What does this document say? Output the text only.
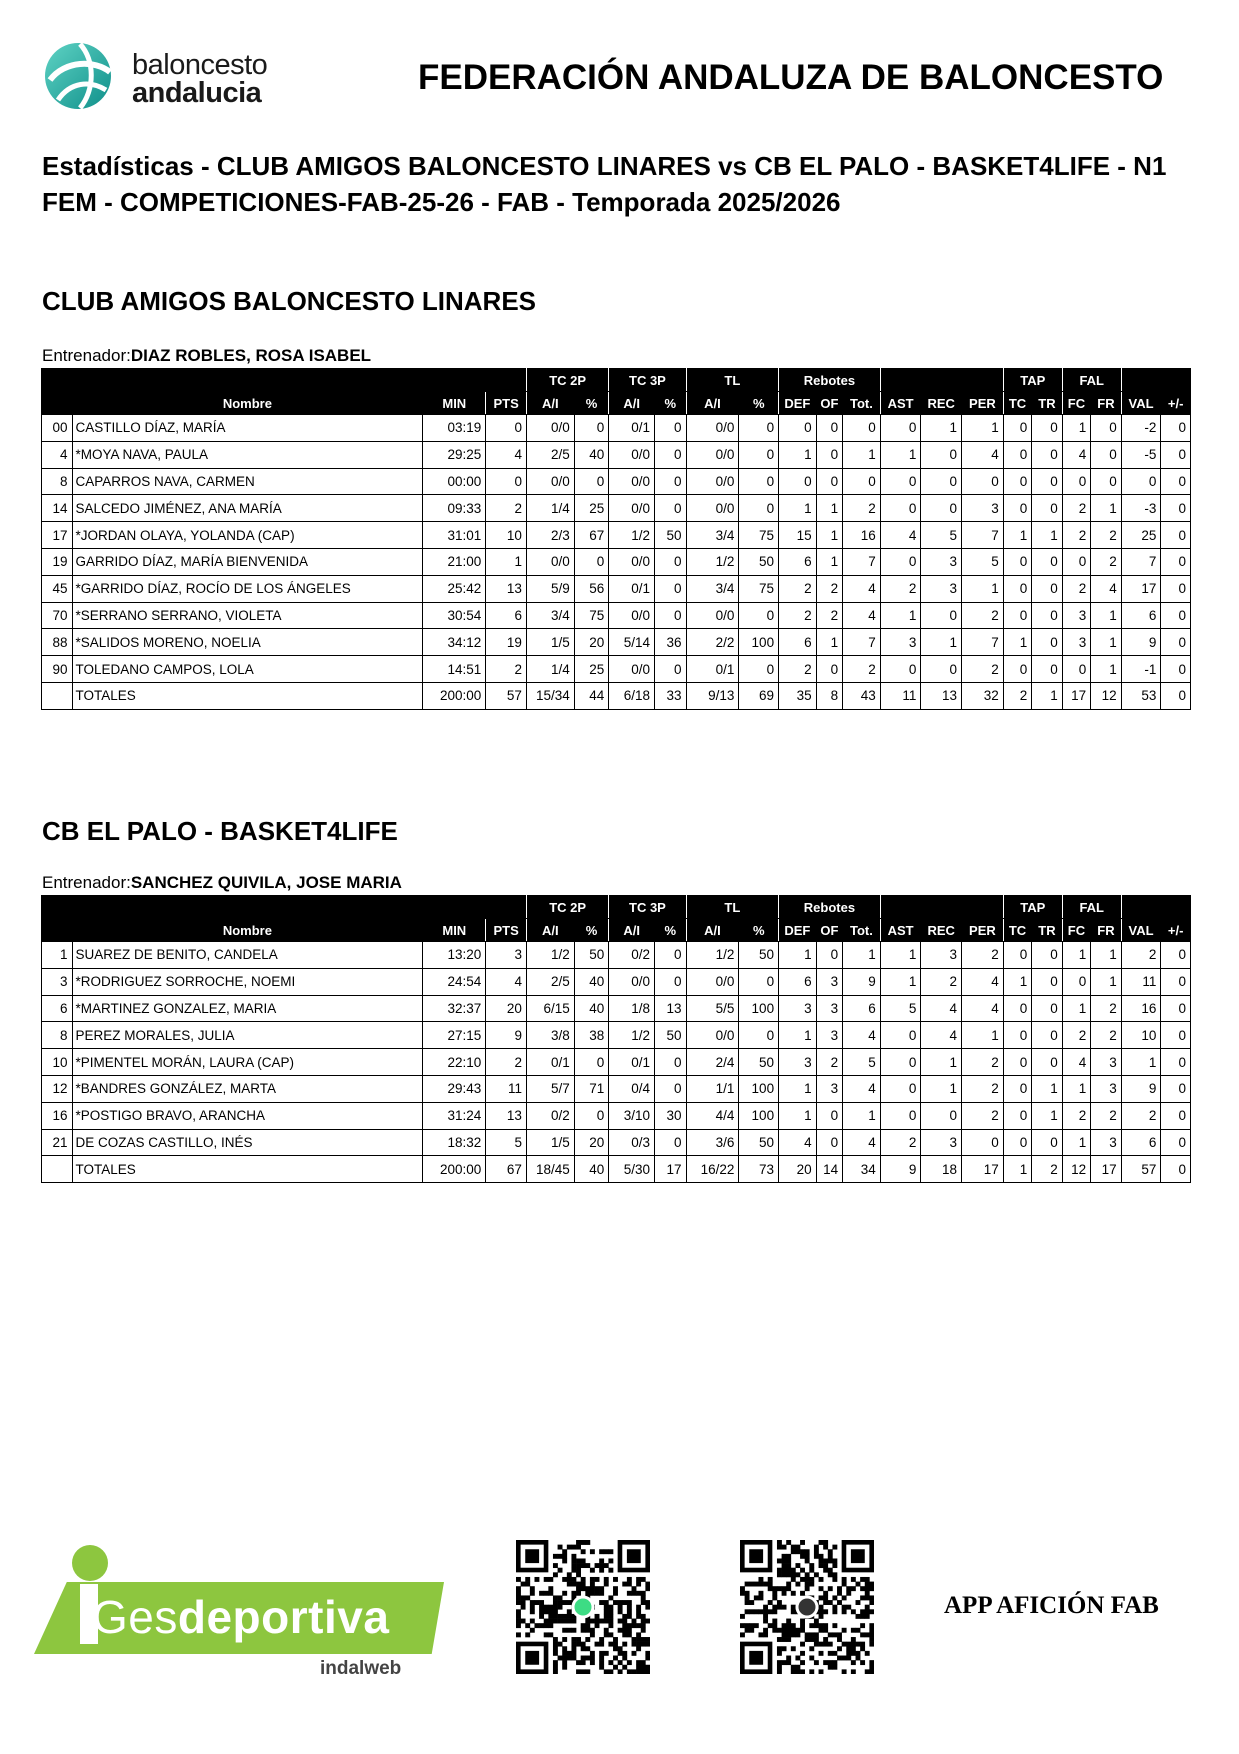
baloncesto
andalucia	FEDERACIÓN ANDALUZA DE BALONCESTO
Estadísticas - CLUB AMIGOS BALONCESTO LINARES vs CB EL PALO - BASKET4LIFE - N1 FEM - COMPETICIONES-FAB-25-26 - FAB - Temporada 2025/2026
CLUB AMIGOS BALONCESTO LINARES
Entrenador:DIAZ ROBLES, ROSA ISABEL
				TC 2P		TC 3P		TL		Rebotes						TAP		FAL			
	Nombre	MIN	PTS	A/I	%	A/I	%	A/I	%	DEF	OF	Tot.	AST	REC	PER	TC	TR	FC	FR	VAL	+/-
00	CASTILLO DÍAZ, MARÍA	03:19	0	0/0	0	0/1	0	0/0	0	0	0	0	0	1	1	0	0	1	0	-2	0
4	*MOYA NAVA, PAULA	29:25	4	2/5	40	0/0	0	0/0	0	1	0	1	1	0	4	0	0	4	0	-5	0
8	CAPARROS NAVA, CARMEN	00:00	0	0/0	0	0/0	0	0/0	0	0	0	0	0	0	0	0	0	0	0	0	0
14	SALCEDO JIMÉNEZ, ANA MARÍA	09:33	2	1/4	25	0/0	0	0/0	0	1	1	2	0	0	3	0	0	2	1	-3	0
17	*JORDAN OLAYA, YOLANDA (CAP)	31:01	10	2/3	67	1/2	50	3/4	75	15	1	16	4	5	7	1	1	2	2	25	0
19	GARRIDO DÍAZ, MARÍA BIENVENIDA	21:00	1	0/0	0	0/0	0	1/2	50	6	1	7	0	3	5	0	0	0	2	7	0
45	*GARRIDO DÍAZ, ROCÍO DE LOS ÁNGELES	25:42	13	5/9	56	0/1	0	3/4	75	2	2	4	2	3	1	0	0	2	4	17	0
70	*SERRANO SERRANO, VIOLETA	30:54	6	3/4	75	0/0	0	0/0	0	2	2	4	1	0	2	0	0	3	1	6	0
88	*SALIDOS MORENO, NOELIA	34:12	19	1/5	20	5/14	36	2/2	100	6	1	7	3	1	7	1	0	3	1	9	0
90	TOLEDANO CAMPOS, LOLA	14:51	2	1/4	25	0/0	0	0/1	0	2	0	2	0	0	2	0	0	0	1	-1	0
	TOTALES	200:00	57	15/34	44	6/18	33	9/13	69	35	8	43	11	13	32	2	1	17	12	53	0
CB EL PALO - BASKET4LIFE
Entrenador:SANCHEZ QUIVILA, JOSE MARIA
				TC 2P		TC 3P		TL		Rebotes						TAP		FAL			
	Nombre	MIN	PTS	A/I	%	A/I	%	A/I	%	DEF	OF	Tot.	AST	REC	PER	TC	TR	FC	FR	VAL	+/-
1	SUAREZ DE BENITO, CANDELA	13:20	3	1/2	50	0/2	0	1/2	50	1	0	1	1	3	2	0	0	1	1	2	0
3	*RODRIGUEZ SORROCHE, NOEMI	24:54	4	2/5	40	0/0	0	0/0	0	6	3	9	1	2	4	1	0	0	1	11	0
6	*MARTINEZ GONZALEZ, MARIA	32:37	20	6/15	40	1/8	13	5/5	100	3	3	6	5	4	4	0	0	1	2	16	0
8	PEREZ MORALES, JULIA	27:15	9	3/8	38	1/2	50	0/0	0	1	3	4	0	4	1	0	0	2	2	10	0
10	*PIMENTEL MORÁN, LAURA (CAP)	22:10	2	0/1	0	0/1	0	2/4	50	3	2	5	0	1	2	0	0	4	3	1	0
12	*BANDRES GONZÁLEZ, MARTA	29:43	11	5/7	71	0/4	0	1/1	100	1	3	4	0	1	2	0	1	1	3	9	0
16	*POSTIGO BRAVO, ARANCHA	31:24	13	0/2	0	3/10	30	4/4	100	1	0	1	0	0	2	0	1	2	2	2	0
21	DE COZAS CASTILLO, INÉS	18:32	5	1/5	20	0/3	0	3/6	50	4	0	4	2	3	0	0	0	1	3	6	0
	TOTALES	200:00	67	18/45	40	5/30	17	16/22	73	20	14	34	9	18	17	1	2	12	17	57	0
Gesdeportiva
indalweb
APP AFICIÓN FAB
